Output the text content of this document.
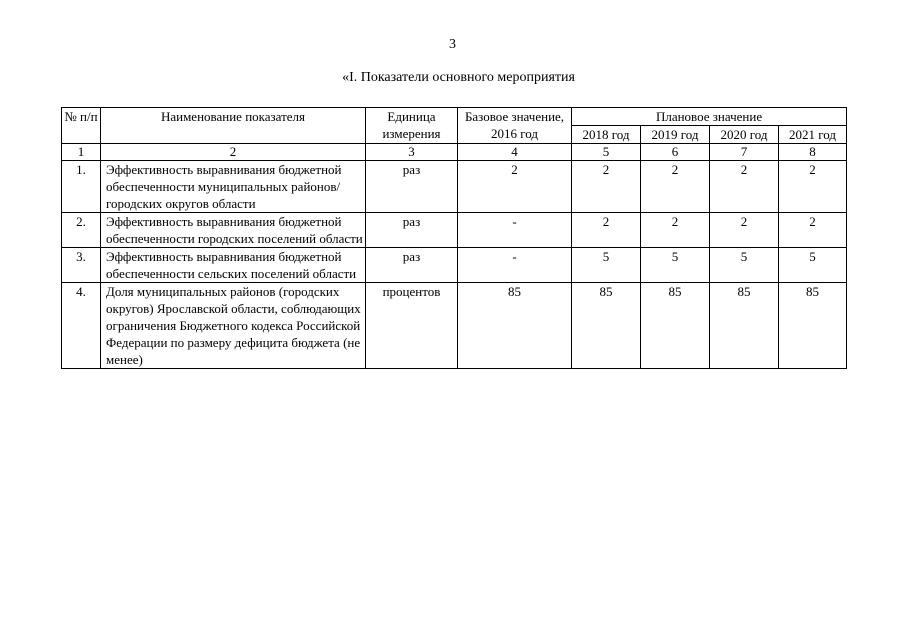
3
«I. Показатели основного мероприятия
№ п/п	Наименование показателя	Единица измерения	Базовое значение, 2016 год	Плановое значение			
				2018 год	2019 год	2020 год	2021 год
1	2	3	4	5	6	7	8
1.	Эффективность выравнивания бюджетной обеспеченности муниципальных районов/городских округов области	раз	2	2	2	2	2
2.	Эффективность выравнивания бюджетной обеспеченности городских поселений области	раз	-	2	2	2	2
3.	Эффективность выравнивания бюджетной обеспеченности сельских поселений области	раз	-	5	5	5	5
4.	Доля муниципальных районов (городских округов) Ярославской области, соблюдающих ограничения Бюджетного кодекса Российской Федерации по размеру дефицита бюджета (не менее)	процентов	85	85	85	85	85
